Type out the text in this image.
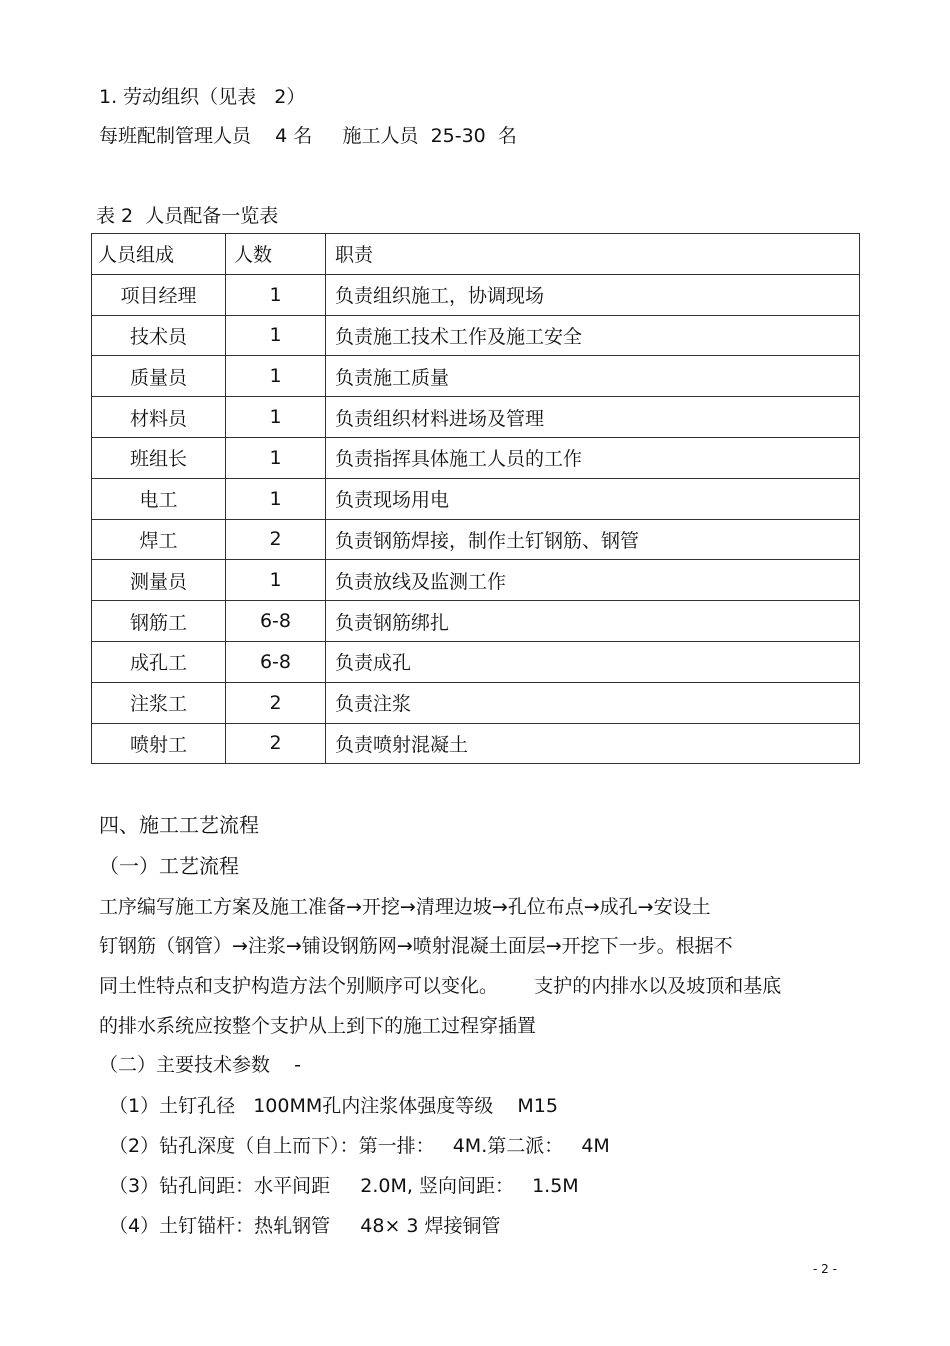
1. 劳动组织（见表   2）
每班配制管理人员    4 名     施工人员  25-30  名
表 2  人员配备一览表
人员组成	人数	职责
项目经理	1	负责组织施工，协调现场
技术员	1	负责施工技术工作及施工安全
质量员	1	负责施工质量
材料员	1	负责组织材料进场及管理
班组长	1	负责指挥具体施工人员的工作
电工	1	负责现场用电
焊工	2	负责钢筋焊接，制作土钉钢筋、钢管
测量员	1	负责放线及监测工作
钢筋工	6-8	负责钢筋绑扎
成孔工	6-8	负责成孔
注浆工	2	负责注浆
喷射工	2	负责喷射混凝土
四、施工工艺流程
（一）工艺流程
工序编写施工方案及施工准备→开挖→清理边坡→孔位布点→成孔→安设土
钉钢筋（钢管）→注浆→铺设钢筋网→喷射混凝土面层→开挖下一步。根据不
同土性特点和支护构造方法个别顺序可以变化。      支护的内排水以及坡顶和基底
的排水系统应按整个支护从上到下的施工过程穿插置
（二）主要技术参数    -
（1）土钉孔径   100MM孔内注浆体强度等级    M15
（2）钻孔深度（自上而下）：第一排：   4M.第二派：   4M
（3）钻孔间距：水平间距     2.0M, 竖向间距：   1.5M
（4）土钉锚杆：热轧钢管     48× 3 焊接铜管
- 2 -
